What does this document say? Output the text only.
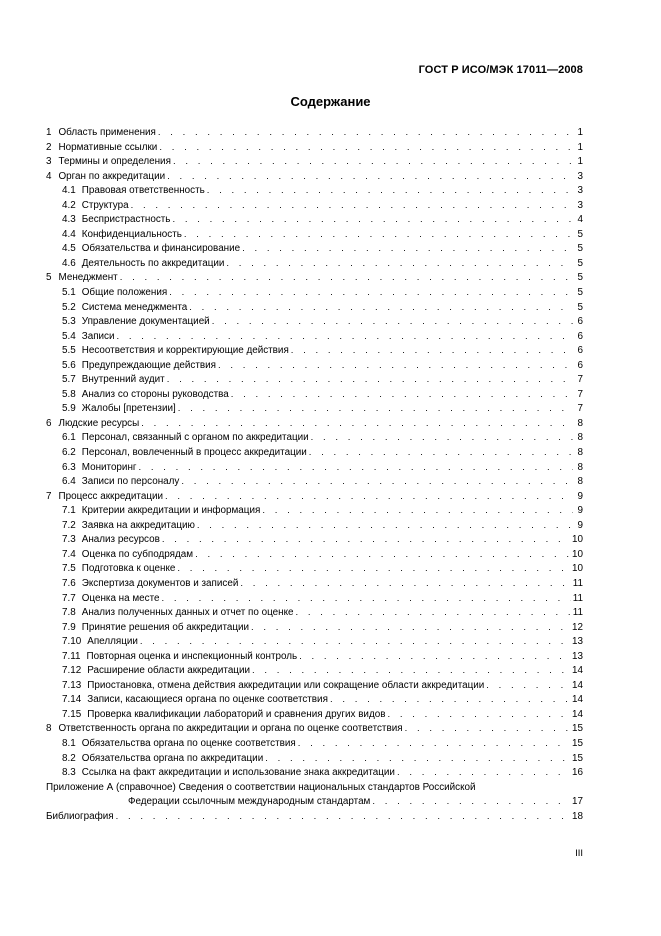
ГОСТ Р ИСО/МЭК 17011—2008
Содержание
1 Область применения . . .	1
2 Нормативные ссылки . . .	1
3 Термины и определения . . .	1
4 Орган по аккредитации . . .	3
4.1 Правовая ответственность . . .	3
4.2 Структура . . .	3
4.3 Беспристрастность . . .	4
4.4 Конфиденциальность . . .	5
4.5 Обязательства и финансирование . . .	5
4.6 Деятельность по аккредитации . . .	5
5 Менеджмент . . .	5
5.1 Общие положения . . .	5
5.2 Система менеджмента . . .	5
5.3 Управление документацией . . .	6
5.4 Записи . . .	6
5.5 Несоответствия и корректирующие действия . . .	6
5.6 Предупреждающие действия . . .	6
5.7 Внутренний аудит . . .	7
5.8 Анализ со стороны руководства . . .	7
5.9 Жалобы [претензии] . . .	7
6 Людские ресурсы . . .	8
6.1 Персонал, связанный с органом по аккредитации . . .	8
6.2 Персонал, вовлеченный в процесс аккредитации . . .	8
6.3 Мониторинг . . .	8
6.4 Записи по персоналу . . .	8
7 Процесс аккредитации . . .	9
7.1 Критерии аккредитации и информация . . .	9
7.2 Заявка на аккредитацию . . .	9
7.3 Анализ ресурсов . . .	10
7.4 Оценка по субподрядам . . .	10
7.5 Подготовка к оценке . . .	10
7.6 Экспертиза документов и записей . . .	11
7.7 Оценка на месте . . .	11
7.8 Анализ полученных данных и отчет по оценке . . .	11
7.9 Принятие решения об аккредитации . . .	12
7.10 Апелляции . . .	13
7.11 Повторная оценка и инспекционный контроль . . .	13
7.12 Расширение области аккредитации . . .	14
7.13 Приостановка, отмена действия аккредитации или сокращение области аккредитации . . .	14
7.14 Записи, касающиеся органа по оценке соответствия . . .	14
7.15 Проверка квалификации лабораторий и сравнения других видов . . .	14
8 Ответственность органа по аккредитации и органа по оценке соответствия . . .	15
8.1 Обязательства органа по оценке соответствия . . .	15
8.2 Обязательства органа по аккредитации . . .	15
8.3 Ссылка на факт аккредитации и использование знака аккредитации . . .	16
Приложение А (справочное) Сведения о соответствии национальных стандартов Российской
Федерации ссылочным международным стандартам . . .	17
Библиография . . .	18
III
